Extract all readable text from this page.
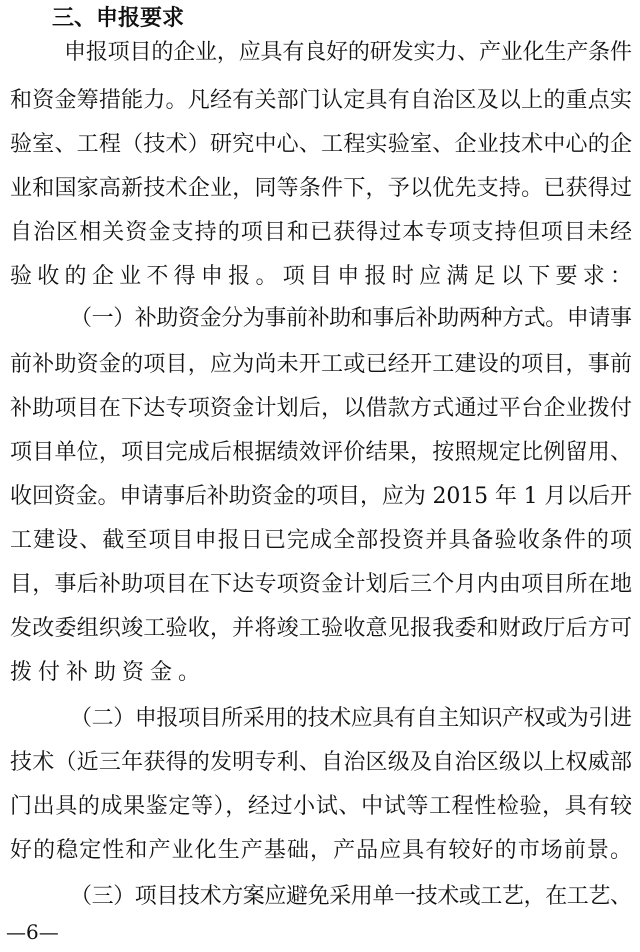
三、申报要求
申报项目的企业，应具有良好的研发实力、产业化生产条件
和资金筹措能力。凡经有关部门认定具有自治区及以上的重点实
验室、工程（技术）研究中心、工程实验室、企业技术中心的企
业和国家高新技术企业，同等条件下，予以优先支持。已获得过
自治区相关资金支持的项目和已获得过本专项支持但项目未经
验收的企业不得申报。项目申报时应满足以下要求：
（一）补助资金分为事前补助和事后补助两种方式。申请事
前补助资金的项目，应为尚未开工或已经开工建设的项目，事前
补助项目在下达专项资金计划后，以借款方式通过平台企业拨付
项目单位，项目完成后根据绩效评价结果，按照规定比例留用、
收回资金。申请事后补助资金的项目，应为 2015 年 1 月以后开
工建设、截至项目申报日已完成全部投资并具备验收条件的项
目，事后补助项目在下达专项资金计划后三个月内由项目所在地
发改委组织竣工验收，并将竣工验收意见报我委和财政厅后方可
拨付补助资金。
（二）申报项目所采用的技术应具有自主知识产权或为引进
技术（近三年获得的发明专利、自治区级及自治区级以上权威部
门出具的成果鉴定等），经过小试、中试等工程性检验，具有较
好的稳定性和产业化生产基础，产品应具有较好的市场前景。
（三）项目技术方案应避免采用单一技术或工艺，在工艺、
—6—
